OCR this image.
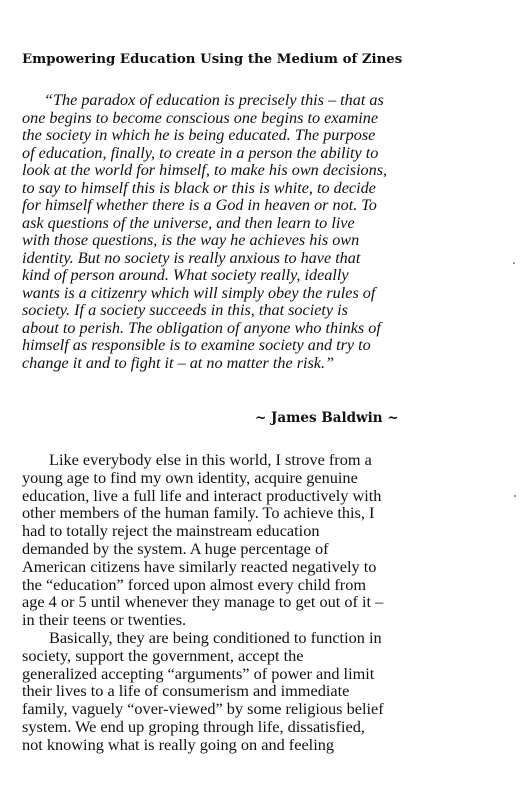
Empowering Education Using the Medium of Zines
“The paradox of education is precisely this – that as
one begins to become conscious one begins to examine
the society in which he is being educated. The purpose
of education, finally, to create in a person the ability to
look at the world for himself, to make his own decisions,
to say to himself this is black or this is white, to decide
for himself whether there is a God in heaven or not. To
ask questions of the universe, and then learn to live
with those questions, is the way he achieves his own
identity. But no society is really anxious to have that
kind of person around. What society really, ideally
wants is a citizenry which will simply obey the rules of
society. If a society succeeds in this, that society is
about to perish. The obligation of anyone who thinks of
himself as responsible is to examine society and try to
change it and to fight it – at no matter the risk.”
~ James Baldwin ~
Like everybody else in this world, I strove from a
young age to find my own identity, acquire genuine
education, live a full life and interact productively with
other members of the human family. To achieve this, I
had to totally reject the mainstream education
demanded by the system. A huge percentage of
American citizens have similarly reacted negatively to
the “education” forced upon almost every child from
age 4 or 5 until whenever they manage to get out of it –
in their teens or twenties.
Basically, they are being conditioned to function in
society, support the government, accept the
generalized accepting “arguments” of power and limit
their lives to a life of consumerism and immediate
family, vaguely “over-viewed” by some religious belief
system. We end up groping through life, dissatisfied,
not knowing what is really going on and feeling
